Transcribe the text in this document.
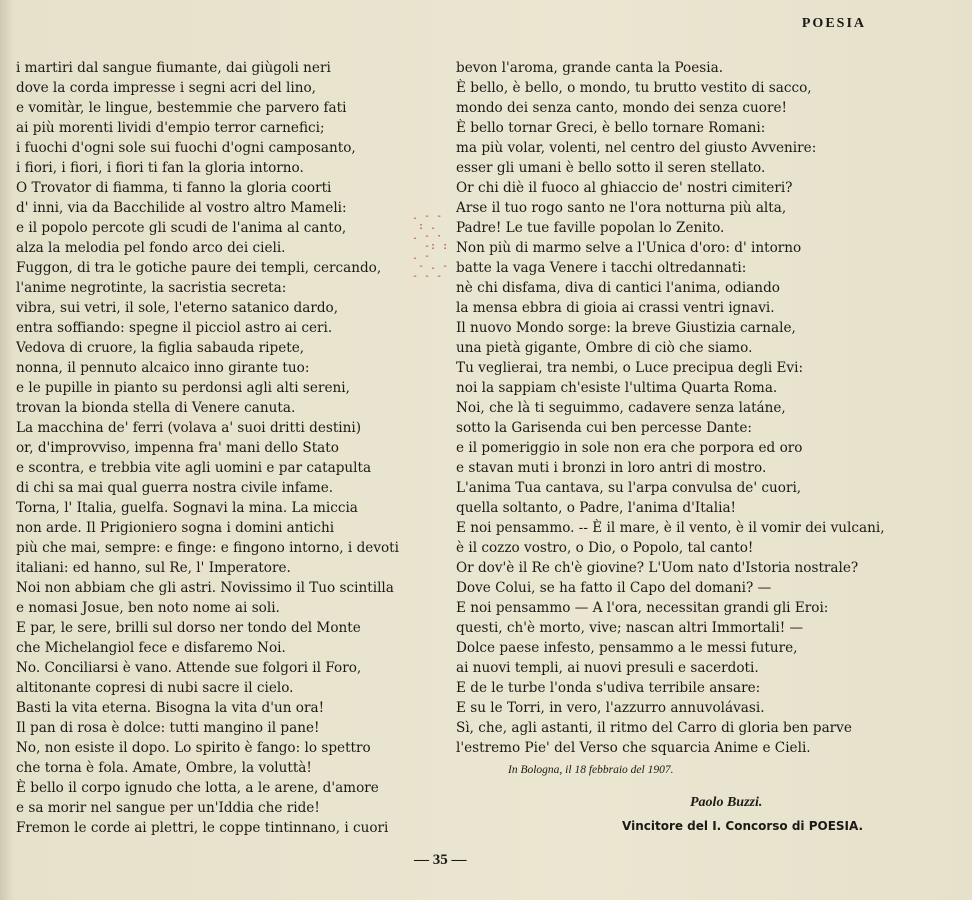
POESIA
i martiri dal sangue fiumante, dai giùgoli neri
dove la corda impresse i segni acri del lino,
e vomitàr, le lingue, bestemmie che parvero fati
ai più morenti lividi d'empio terror carnefici;
i fuochi d'ogni sole sui fuochi d'ogni camposanto,
i fiori, i fiori, i fiori ti fan la gloria intorno.
O Trovator di fiamma, ti fanno la gloria coorti
d' inni, via da Bacchilide al vostro altro Mameli:
e il popolo percote gli scudi de l'anima al canto,
alza la melodia pel fondo arco dei cieli.
Fuggon, di tra le gotiche paure dei templi, cercando,
l'anime negrotinte, la sacristia secreta:
vibra, sui vetri, il sole, l'eterno satanico dardo,
entra soffiando: spegne il picciol astro ai ceri.
Vedova di cruore, la figlia sabauda ripete,
nonna, il pennuto alcaico inno girante tuo:
e le pupille in pianto su perdonsi agli alti sereni,
trovan la bionda stella di Venere canuta.
La macchina de' ferri (volava a' suoi dritti destini)
or, d'improvviso, impenna fra' mani dello Stato
e scontra, e trebbia vite agli uomini e par catapulta
di chi sa mai qual guerra nostra civile infame.
Torna, l' Italia, guelfa. Sognavi la mina. La miccia
non arde. Il Prigioniero sogna i domini antichi
più che mai, sempre: e finge: e fingono intorno, i devoti
italiani: ed hanno, sul Re, l' Imperatore.
Noi non abbiam che gli astri. Novissimo il Tuo scintilla
e nomasi Josue, ben noto nome ai soli.
E par, le sere, brilli sul dorso ner tondo del Monte
che Michelangiol fece e disfaremo Noi.
No. Conciliarsi è vano. Attende sue folgori il Foro,
altitonante copresi di nubi sacre il cielo.
Basti la vita eterna. Bisogna la vita d'un ora!
Il pan di rosa è dolce: tutti mangino il pane!
No, non esiste il dopo. Lo spirito è fango: lo spettro
che torna è fola. Amate, Ombre, la voluttà!
È bello il corpo ignudo che lotta, a le arene, d'amore
e sa morir nel sangue per un'Iddia che ride!
Fremon le corde ai plettri, le coppe tintinnano, i cuori
bevon l'aroma, grande canta la Poesia.
È bello, è bello, o mondo, tu brutto vestito di sacco,
mondo dei senza canto, mondo dei senza cuore!
È bello tornar Greci, è bello tornare Romani:
ma più volar, volenti, nel centro del giusto Avvenire:
esser gli umani è bello sotto il seren stellato.
Or chi diè il fuoco al ghiaccio de' nostri cimiteri?
Arse il tuo rogo santo ne l'ora notturna più alta,
Padre! Le tue faville popolan lo Zenito.
Non più di marmo selve a l'Unica d'oro: d' intorno
batte la vaga Venere i tacchi oltredannati:
nè chi disfama, diva di cantici l'anima, odiando
la mensa ebbra di gioia ai crassi ventri ignavi.
Il nuovo Mondo sorge: la breve Giustizia carnale,
una pietà gigante, Ombre di ciò che siamo.
Tu veglierai, tra nembi, o Luce precipua degli Evi:
noi la sappiam ch'esiste l'ultima Quarta Roma.
Noi, che là ti seguimmo, cadavere senza latáne,
sotto la Garisenda cui ben percesse Dante:
e il pomeriggio in sole non era che porpora ed oro
e stavan muti i bronzi in loro antri di mostro.
L'anima Tua cantava, su l'arpa convulsa de' cuori,
quella soltanto, o Padre, l'anima d'Italia!
E noi pensammo. -- È il mare, è il vento, è il vomir dei vulcani,
è il cozzo vostro, o Dio, o Popolo, tal canto!
Or dov'è il Re ch'è giovine? L'Uom nato d'Istoria nostrale?
Dove Colui, se ha fatto il Capo del domani? —
E noi pensammo — A l'ora, necessitan grandi gli Eroi:
questi, ch'è morto, vive; nascan altri Immortali! —
Dolce paese infesto, pensammo a le messi future,
ai nuovi templi, ai nuovi presuli e sacerdoti.
E de le turbe l'onda s'udiva terribile ansare:
E su le Torri, in vero, l'azzurro annuvolávasi.
Sì, che, agli astanti, il ritmo del Carro di gloria ben parve
l'estremo Pie' del Verso che squarcia Anime e Cieli.
. - -
: .
. - ·
-: :
. -
- . -
- - -
In Bologna, il 18 febbraio del 1907.
Paolo Buzzi.
Vincitore del I. Concorso di POESIA.
— 35 —
